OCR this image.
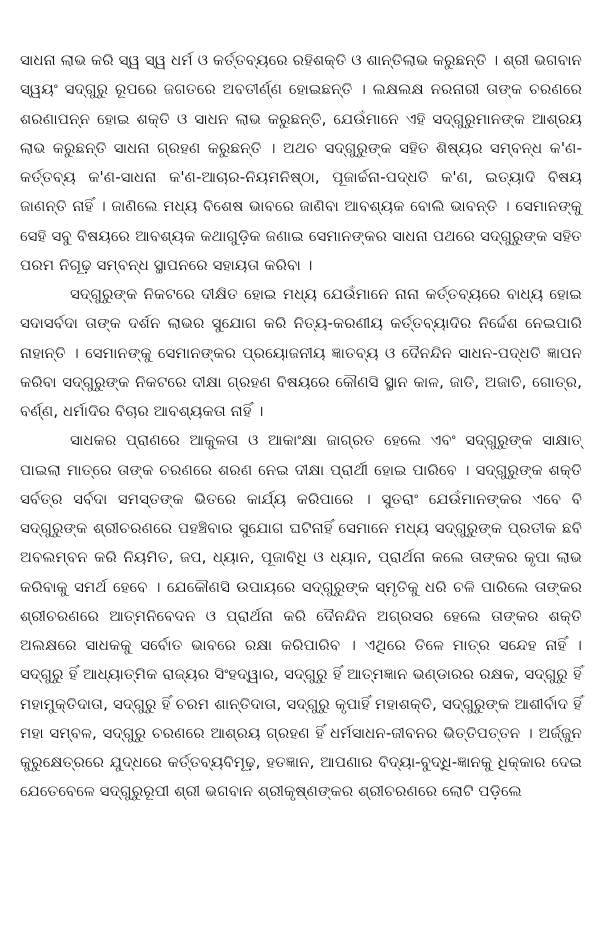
ସାଧନା ଲାଭ କରି ସ୍ୱ ସ୍ୱ ଧର୍ମ ଓ କର୍ତ୍ତବ୍ୟରେ ରହିଶକ୍ତି ଓ ଶାନ୍ତିଲାଭ କରୁଛନ୍ତି । ଶ୍ରୀ ଭଗବାନ ସ୍ୱୟଂ ସଦ୍‌ଗୁରୁ ରୂପରେ ଜଗତରେ ଅବତୀର୍ଣ୍ଣ ହୋଇଛନ୍ତି । ଲକ୍ଷଲକ୍ଷ ନରନାରୀ ତାଙ୍କ ଚରଣରେ ଶରଣାପନ୍ନ ହୋଇ ଶକ୍ତି ଓ ସାଧନ ଲାଭ କରୁଛନ୍ତି, ଯେଉଁମାନେ ଏହି ସଦ୍‌ଗୁରୁମାନଙ୍କ ଆଶ୍ରୟ ଲାଭ କରୁଛନ୍ତି ସାଧନା ଗ୍ରହଣ କରୁଛନ୍ତି । ଅଥଚ ସଦ୍‌ଗୁରୁଙ୍କ ସହିତ ଶିଷ୍ୟର ସମ୍ବନ୍ଧ କ'ଣ-କର୍ତ୍ତବ୍ୟ କ'ଣ-ସାଧନା କ'ଣ-ଆଚାର-ନିୟମନିଷ୍ଠା, ପୂଜାର୍ଚ୍ଚନା-ପଦ୍ଧତି କ'ଣ, ଇତ୍ୟାଦି ବିଷୟ ଜାଣନ୍ତି ନାହିଁ । ଜାଣିଲେ ମଧ୍ୟ ବିଶେଷ ଭାବରେ ଜାଣିବା ଆବଶ୍ୟକ ବୋଲି ଭାବନ୍ତି । ସେମାନଙ୍କୁ ସେହି ସବୁ ବିଷୟରେ ଆବଶ୍ୟକ କଥାଗୁଡ଼ିକ ଜଣାଇ ସେମାନଙ୍କର ସାଧନା ପଥରେ ସଦ୍‌ଗୁରୁଙ୍କ ସହିତ ପରମ ନିଗୂଢ଼ ସମ୍ବନ୍ଧ ସ୍ଥାପନରେ ସହାୟତା କରିବା ।

ସଦ୍‌ଗୁରୁଙ୍କ ନିକଟରେ ଦୀକ୍ଷିତ ହୋଇ ମଧ୍ୟ ଯେଉଁମାନେ ନାନା କର୍ତ୍ତବ୍ୟରେ ବାଧ୍ୟ ହୋଇ ସଦାସର୍ବଦା ତାଙ୍କ ଦର୍ଶନ ଲାଭର ସୁଯୋଗ କରି ନିତ୍ୟ-କରଣୀୟ କର୍ତ୍ତବ୍ୟାଦିର ନିର୍ଦ୍ଦେଶ ନେଇପାରି ନାହାନ୍ତି । ସେମାନଙ୍କୁ ସେମାନଙ୍କର ପ୍ରୟୋଜନୀୟ ଜ୍ଞାତବ୍ୟ ଓ ଦୈନନ୍ଦିନ ସାଧନ-ପଦ୍ଧତି ଜ୍ଞାପନ କରିବା ସଦ୍‌ଗୁରୁଙ୍କ ନିକଟରେ ଦୀକ୍ଷା ଗ୍ରହଣ ବିଷୟରେ କୌଣସି ସ୍ଥାନ କାଳ, ଜାତି, ଅଜାତି, ଗୋତ୍ର, ବର୍ଣ୍ଣ, ଧର୍ମାଦିର ବିଚାର ଆବଶ୍ୟକତା ନାହିଁ ।

ସାଧକର ପ୍ରାଣରେ ଆକୁଳତା ଓ ଆକାଂକ୍ଷା ଜାଗ୍ରତ ହେଲେ ଏବଂ ସଦ୍‌ଗୁରୁଙ୍କ ସାକ୍ଷାତ୍ ପାଇଲା ମାତ୍ରେ ତାଙ୍କ ଚରଣରେ ଶରଣ ନେଇ ଦୀକ୍ଷା ପ୍ରାର୍ଥୀ ହୋଇ ପାରିବେ । ସଦ୍‌ଗୁରୁଙ୍କ ଶକ୍ତି ସର୍ବତ୍ର ସର୍ବଦା ସମସ୍ତଙ୍କ ଭିତରେ କାର୍ଯ୍ୟ କରିପାରେ । ସୁତରାଂ ଯେଉଁମାନଙ୍କର ଏବେ ବି ସଦ୍‌ଗୁରୁଙ୍କ ଶ୍ରୀଚରଣରେ ପହଞ୍ଚିବାର ସୁଯୋଗ ଘଟିନାହିଁ ସେମାନେ ମଧ୍ୟ ସଦ୍‌ଗୁରୁଙ୍କ ପ୍ରତୀକ ଛବି ଅବଲମ୍ବନ କରି ନିୟମିତ, ଜପ, ଧ୍ୟାନ, ପୂଜାବିଧି ଓ ଧ୍ୟାନ, ପ୍ରାର୍ଥନା କଲେ ତାଙ୍କର କୃପା ଲାଭ କରିବାକୁ ସମର୍ଥ ହେବେ । ଯେକୌଣସି ଉପାୟରେ ସଦ୍‌ଗୁରୁଙ୍କ ସ୍ମୃତିକୁ ଧରି ଚଳି ପାରିଲେ ତାଙ୍କର ଶ୍ରୀଚରଣରେ ଆତ୍ମନିବେଦନ ଓ ପ୍ରାର୍ଥନା କରି ଦୈନନ୍ଦିନ ଅଗ୍ରସର ହେଲେ ତାଙ୍କର ଶକ୍ତି ଅଲକ୍ଷରେ ସାଧକକୁ ସର୍ବୋତ ଭାବରେ ରକ୍ଷା କରିପାରିବ । ଏଥିରେ ତିଳେ ମାତ୍ର ସନ୍ଦେହ ନାହିଁ । ସଦ୍‌ଗୁରୁ ହିଁ ଆଧ୍ୟାତ୍ମିକ ରାଜ୍ୟର ସିଂହଦ୍ୱାର, ସଦ୍‌ଗୁରୁ ହିଁ ଆତ୍ମଜ୍ଞାନ ଭଣ୍ଡାରର ରକ୍ଷକ, ସଦ୍‌ଗୁରୁ ହିଁ ମହାମୁକ୍ତିଦାତା, ସଦ୍‌ଗୁରୁ ହିଁ ଚରମ ଶାନ୍ତିଦାତା, ସଦ୍‌ଗୁରୁ କୃପାହିଁ ମହାଶକ୍ତି, ସଦ୍‌ଗୁରୁଙ୍କ ଆଶୀର୍ବାଦ ହିଁ ମହା ସମ୍ବଳ, ସଦ୍‌ଗୁରୁ ଚରଣରେ ଆଶ୍ରୟ ଗ୍ରହଣ ହିଁ ଧର୍ମସାଧନ-ଜୀବନର ଭିତ୍ତିପତ୍ତନ । ଅର୍ଜ୍ଜୁନ କୁରୁକ୍ଷେତ୍ରରେ ଯୁଦ୍ଧରେ କର୍ତ୍ତବ୍ୟବିମୂଢ଼, ହତଜ୍ଞାନ, ଆପଣାର ବିଦ୍ୟା-ବୁଦ୍ଧି-ଜ୍ଞାନକୁ ଧିକ୍‌କାର ଦେଇ ଯେତେବେଳେ ସଦ୍‌ଗୁରୁରୂପୀ ଶ୍ରୀ ଭଗବାନ ଶ୍ରୀକୃଷ୍ଣଙ୍କର ଶ୍ରୀଚରଣରେ ଲୋଟି ପଡ଼ିଲେ
